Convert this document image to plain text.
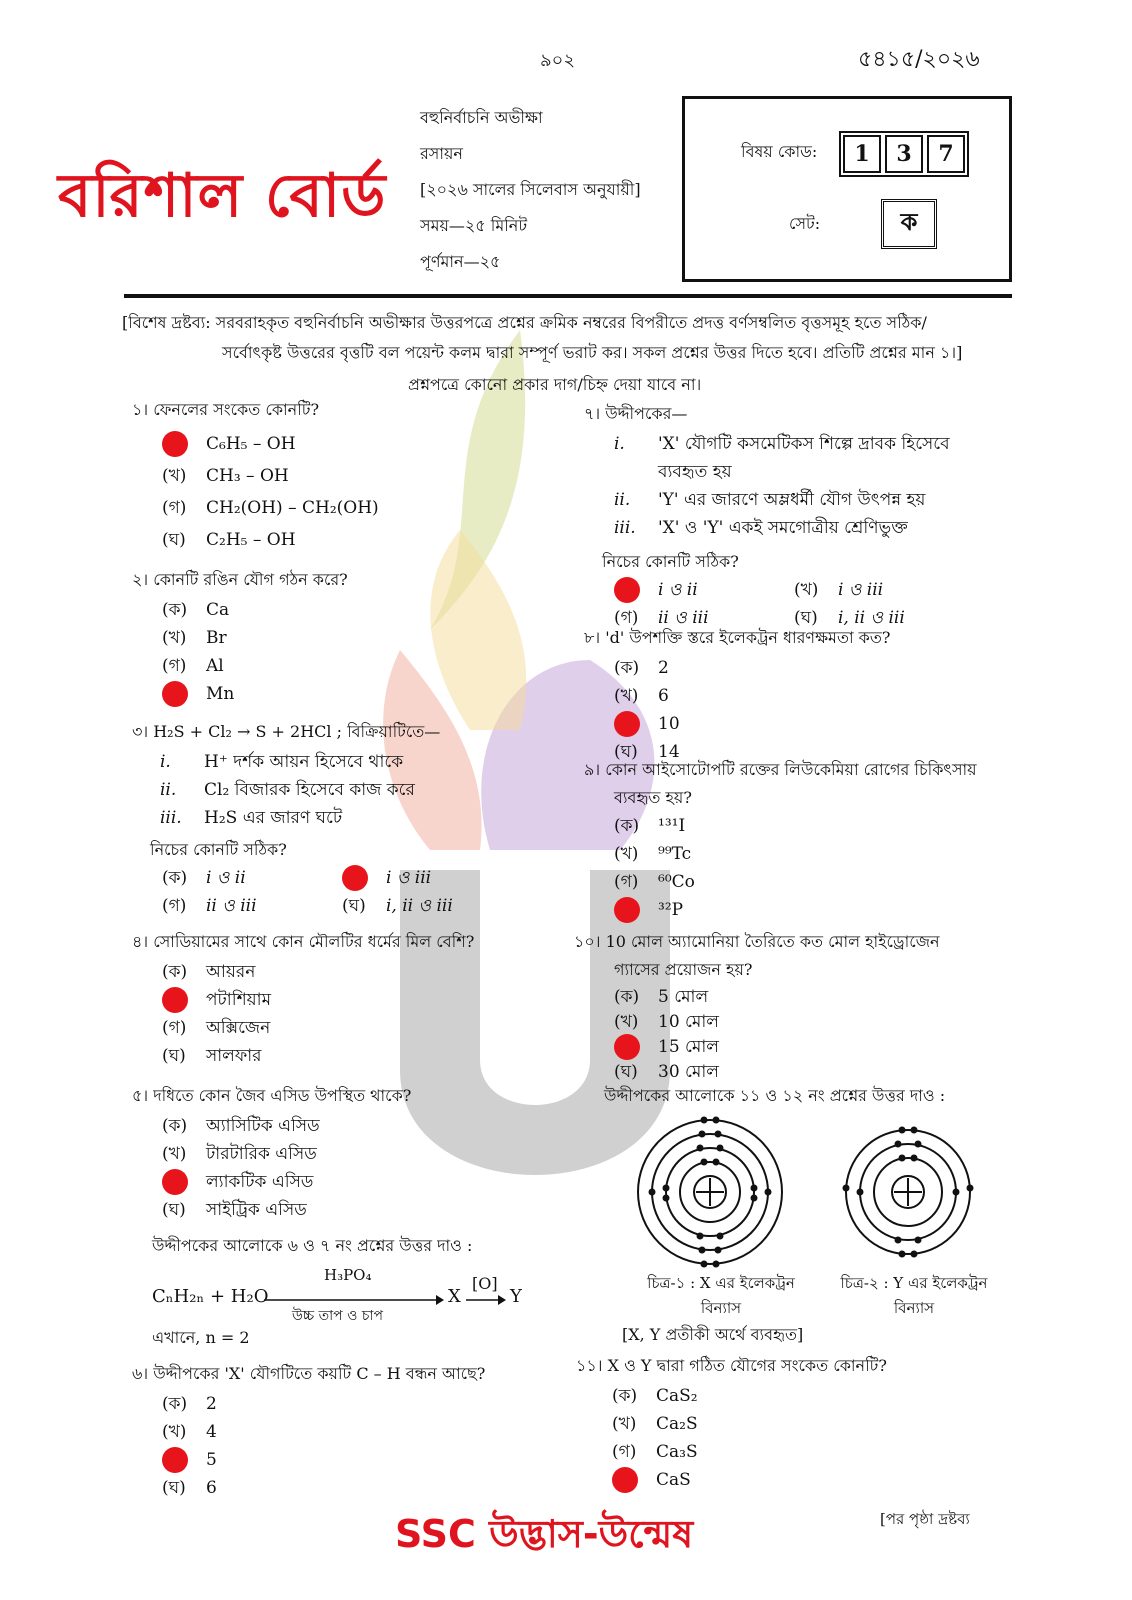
৯০২	৫৪১৫/২০২৬
বরিশাল বোর্ড
বহুনির্বাচনি অভীক্ষা
রসায়ন
[২০২৬ সালের সিলেবাস অনুযায়ী]
সময়—২৫ মিনিট
পূর্ণমান—২৫
বিষয় কোড:	1	3	7
সেট:	ক
[বিশেষ দ্রষ্টব্য: সরবরাহকৃত বহুনির্বাচনি অভীক্ষার উত্তরপত্রে প্রশ্নের ক্রমিক নম্বরের বিপরীতে প্রদত্ত বর্ণসম্বলিত বৃত্তসমূহ হতে সঠিক/
সর্বোৎকৃষ্ট উত্তরের বৃত্তটি বল পয়েন্ট কলম দ্বারা সম্পূর্ণ ভরাট কর। সকল প্রশ্নের উত্তর দিতে হবে। প্রতিটি প্রশ্নের মান ১।]
প্রশ্নপত্রে কোনো প্রকার দাগ/চিহ্ন দেয়া যাবে না।
১। ফেনলের সংকেত কোনটি?
C₆H₅ – OH
(খ)	CH₃ – OH
(গ)	CH₂(OH) – CH₂(OH)
(ঘ)	C₂H₅ – OH
২। কোনটি রঙিন যৌগ গঠন করে?
(ক)	Ca
(খ)	Br
(গ)	Al
Mn
৩। H₂S + Cl₂ → S + 2HCl ; বিক্রিয়াটিতে—
i.	H⁺ দর্শক আয়ন হিসেবে থাকে
ii.	Cl₂ বিজারক হিসেবে কাজ করে
iii.	H₂S এর জারণ ঘটে
নিচের কোনটি সঠিক?
(ক)	i ও ii	i ও iii
(গ)	ii ও iii	(ঘ)	i, ii ও iii
৪। সোডিয়ামের সাথে কোন মৌলটির ধর্মের মিল বেশি?
(ক)	আয়রন
পটাশিয়াম
(গ)	অক্সিজেন
(ঘ)	সালফার
৫। দধিতে কোন জৈব এসিড উপস্থিত থাকে?
(ক)	অ্যাসিটিক এসিড
(খ)	টারটারিক এসিড
ল্যাকটিক এসিড
(ঘ)	সাইট্রিক এসিড
উদ্দীপকের আলোকে ৬ ও ৭ নং প্রশ্নের উত্তর দাও :
CₙH₂ₙ + H₂O
H₃PO₄
উচ্চ তাপ ও চাপ
X
[O]
Y
এখানে, n = 2
৬। উদ্দীপকের 'X' যৌগটিতে কয়টি C – H বন্ধন আছে?
(ক)	2
(খ)	4
5
(ঘ)	6
৭। উদ্দীপকের—
i.	'X' যৌগটি কসমেটিকস শিল্পে দ্রাবক হিসেবে
ব্যবহৃত হয়
ii.	'Y' এর জারণে অম্লধর্মী যৌগ উৎপন্ন হয়
iii.	'X' ও 'Y' একই সমগোত্রীয় শ্রেণিভুক্ত
নিচের কোনটি সঠিক?
i ও ii	(খ)	i ও iii
(গ)	ii ও iii	(ঘ)	i, ii ও iii
৮। 'd' উপশক্তি স্তরে ইলেকট্রন ধারণক্ষমতা কত?
(ক)	2
(খ)	6
10
(ঘ)	14
৯। কোন আইসোটোপটি রক্তের লিউকেমিয়া রোগের চিকিৎসায়
ব্যবহৃত হয়?
(ক)	¹³¹I
(খ)	⁹⁹Tc
(গ)	⁶⁰Co
³²P
১০। 10 মোল অ্যামোনিয়া তৈরিতে কত মোল হাইড্রোজেন
গ্যাসের প্রয়োজন হয়?
(ক)	5 মোল
(খ)	10 মোল
15 মোল
(ঘ)	30 মোল
উদ্দীপকের আলোকে ১১ ও ১২ নং প্রশ্নের উত্তর দাও :
চিত্র-১ : X এর ইলেকট্রন
বিন্যাস
চিত্র-২ : Y এর ইলেকট্রন
বিন্যাস
[X, Y প্রতীকী অর্থে ব্যবহৃত]
১১। X ও Y দ্বারা গঠিত যৌগের সংকেত কোনটি?
(ক)	CaS₂
(খ)	Ca₂S
(গ)	Ca₃S
CaS
SSC উদ্ভাস-উন্মেষ	[পর পৃষ্ঠা দ্রষ্টব্য
